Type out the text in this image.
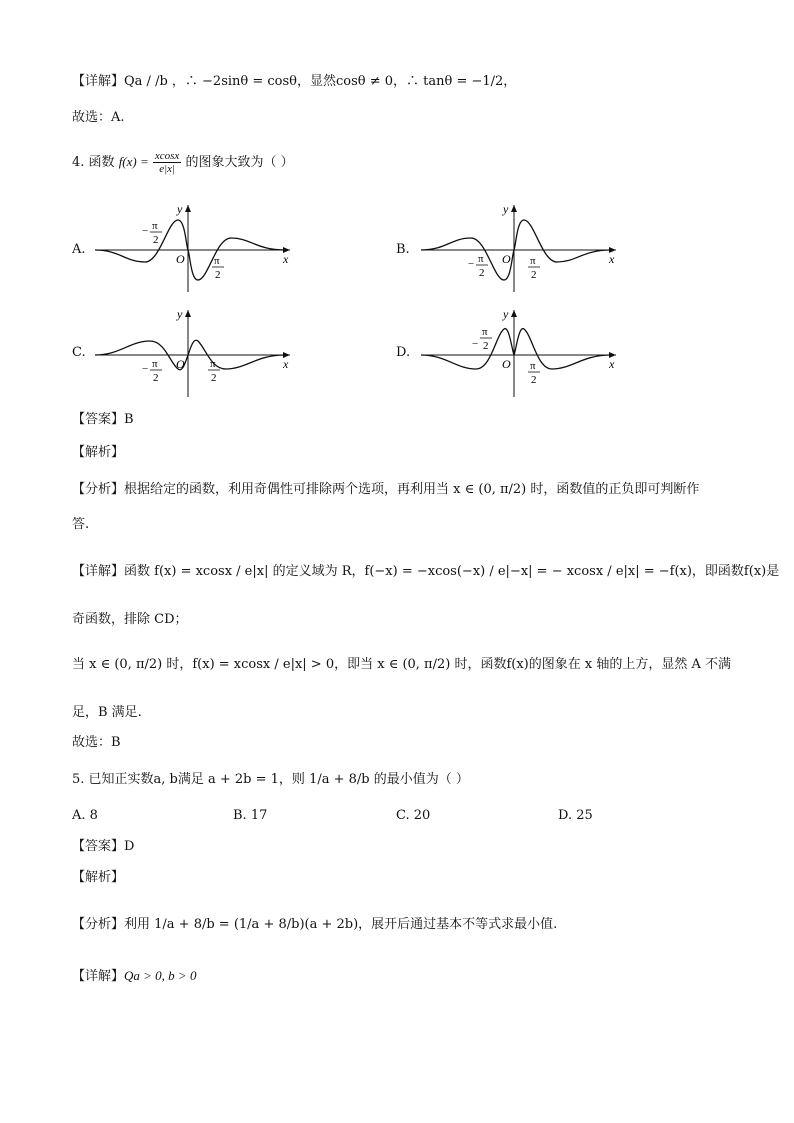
【详解】Qa / /b ，∴ −2sinθ = cosθ，显然cosθ ≠ 0，∴ tanθ = −1/2，
故选：A.
4. 函数 $f(x) = \frac{xcosx}{e|x|}$ 的图象大致为（ ）
A.	B.
C.	D.
x
y
O
− π
2
π
2
x
y
O
− π
2
π
2
x
y
O
− π
2
π
2
x
y
O
−
π
2
π
2
【答案】B
【解析】
【分析】根据给定的函数，利用奇偶性可排除两个选项，再利用当 x ∈ (0, π/2) 时，函数值的正负即可判断作
答.
【详解】函数 f(x) = xcosx / e|x| 的定义域为 R，f(−x) = −xcos(−x) / e|−x| = − xcosx / e|x| = −f(x)，即函数f(x)是
奇函数，排除 CD；
当 x ∈ (0, π/2) 时，f(x) = xcosx / e|x| > 0，即当 x ∈ (0, π/2) 时，函数f(x)的图象在 x 轴的上方，显然 A 不满
足，B 满足.
故选：B
5. 已知正实数a, b满足 a + 2b = 1，则 1/a + 8/b 的最小值为（ ）
A. 8	B. 17	C. 20	D. 25
【答案】D
【解析】
【分析】利用 1/a + 8/b = (1/a + 8/b)(a + 2b)，展开后通过基本不等式求最小值.
【详解】Qa > 0, b > 0
